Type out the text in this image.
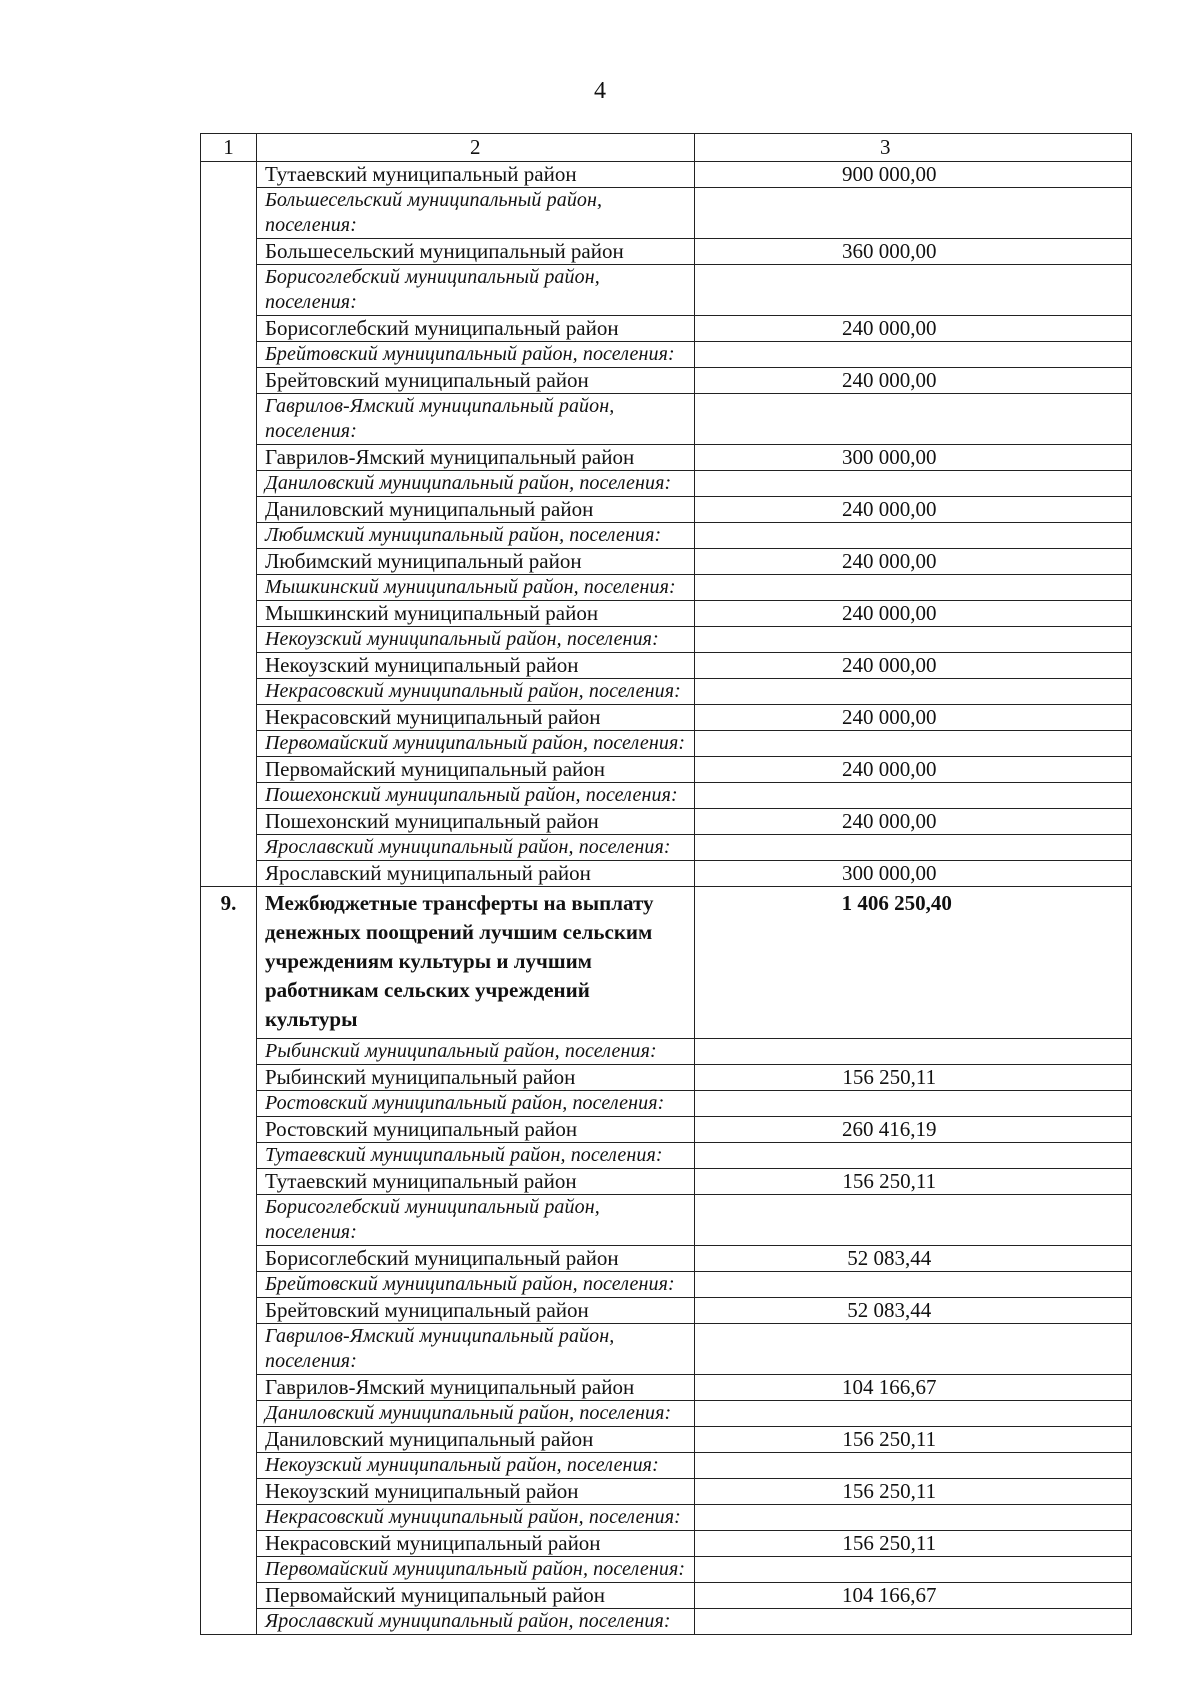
4
1	2	3
	Тутаевский муниципальный район	900 000,00
	Большесельский муниципальный район, поселения:	
	Большесельский муниципальный район	360 000,00
	Борисоглебский муниципальный район, поселения:	
	Борисоглебский муниципальный район	240 000,00
	Брейтовский муниципальный район, поселения:	
	Брейтовский муниципальный район	240 000,00
	Гаврилов-Ямский муниципальный район, поселения:	
	Гаврилов-Ямский муниципальный район	300 000,00
	Даниловский муниципальный район, поселения:	
	Даниловский муниципальный район	240 000,00
	Любимский муниципальный район, поселения:	
	Любимский муниципальный район	240 000,00
	Мышкинский муниципальный район, поселения:	
	Мышкинский муниципальный район	240 000,00
	Некоузский муниципальный район, поселения:	
	Некоузский муниципальный район	240 000,00
	Некрасовский муниципальный район, поселения:	
	Некрасовский муниципальный район	240 000,00
	Первомайский муниципальный район, поселения:	
	Первомайский муниципальный район	240 000,00
	Пошехонский муниципальный район, поселения:	
	Пошехонский муниципальный район	240 000,00
	Ярославский муниципальный район, поселения:	
	Ярославский муниципальный район	300 000,00
9.	Межбюджетные трансферты на выплату денежных поощрений лучшим сельским учреждениям культуры и лучшим работникам сельских учреждений культуры	1 406 250,40
	Рыбинский муниципальный район, поселения:	
	Рыбинский муниципальный район	156 250,11
	Ростовский муниципальный район, поселения:	
	Ростовский муниципальный район	260 416,19
	Тутаевский муниципальный район, поселения:	
	Тутаевский муниципальный район	156 250,11
	Борисоглебский муниципальный район, поселения:	
	Борисоглебский муниципальный район	52 083,44
	Брейтовский муниципальный район, поселения:	
	Брейтовский муниципальный район	52 083,44
	Гаврилов-Ямский муниципальный район, поселения:	
	Гаврилов-Ямский муниципальный район	104 166,67
	Даниловский муниципальный район, поселения:	
	Даниловский муниципальный район	156 250,11
	Некоузский муниципальный район, поселения:	
	Некоузский муниципальный район	156 250,11
	Некрасовский муниципальный район, поселения:	
	Некрасовский муниципальный район	156 250,11
	Первомайский муниципальный район, поселения:	
	Первомайский муниципальный район	104 166,67
	Ярославский муниципальный район, поселения:	
